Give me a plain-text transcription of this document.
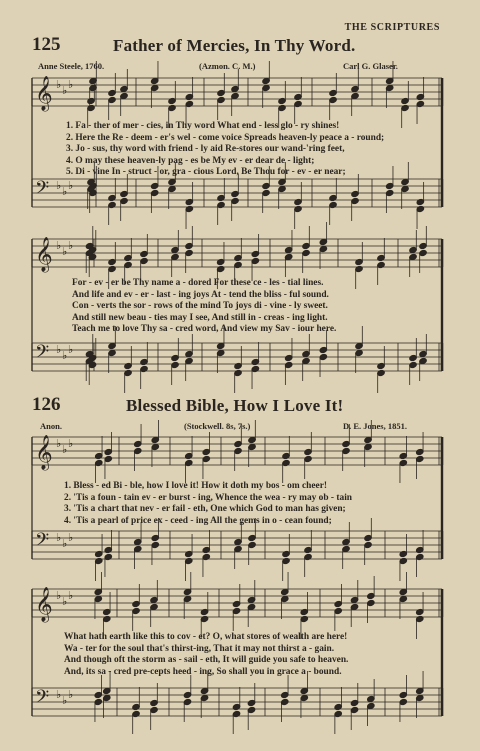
THE SCRIPTURES
125	Father of Mercies, In Thy Word.
Anne Steele, 1760.	(Azmon. C. M.)	Carl G. Glaser.
1. Fa - ther of mer - cies, in Thy word What end - less glo - ry shines!
2. Here the Re - deem - er's wel - come voice Spreads heaven-ly peace a - round;
3. Jo - sus, thy word with friend - ly aid Re-stores our wand-'ring feet,
4. O may these heaven-ly pag - es be My ev - er dear de - light;
5. Di - vine In - struct - or, gra - cious Lord, Be Thou for - ev - er near;
For - ev - er be Thy name a - dored For these ce - les - tial lines.
And life and ev - er - last - ing joys At - tend the bliss - ful sound.
Con - verts the sor - rows of the mind To joys di - vine - ly sweet.
And still new beau - ties may I see, And still in - creas - ing light.
Teach me to love Thy sa - cred word, And view my Sav - iour here.
126	Blessed Bible, How I Love It!
Anon.	(Stockwell. 8s, 7s.)	D. E. Jones, 1851.
1. Bless - ed Bi - ble, how I love it! How it doth my bos - om cheer!
2. 'Tis a foun - tain ev - er burst - ing, Whence the wea - ry may ob - tain
3. 'Tis a chart that nev - er fail - eth, One which God to man has given;
4. 'Tis a pearl of price ex - ceed - ing All the gems in o - cean found;
What hath earth like this to cov - et? O, what stores of wealth are here!
Wa - ter for the soul that's thirst-ing, That it may not thirst a - gain.
And though oft the storm as - sail - eth, It will guide you safe to heaven.
And, its sa - cred pre-cepts heed - ing, So shall you in grace a - bound.
𝄞 ♭ ♭ ♭
𝄢 ♭ ♭ ♭
𝄞 ♭ ♭ ♭
𝄢 ♭ ♭ ♭
𝄞 ♭ ♭ ♭
𝄢 ♭ ♭ ♭
𝄞 ♭ ♭ ♭
𝄢 ♭ ♭ ♭
